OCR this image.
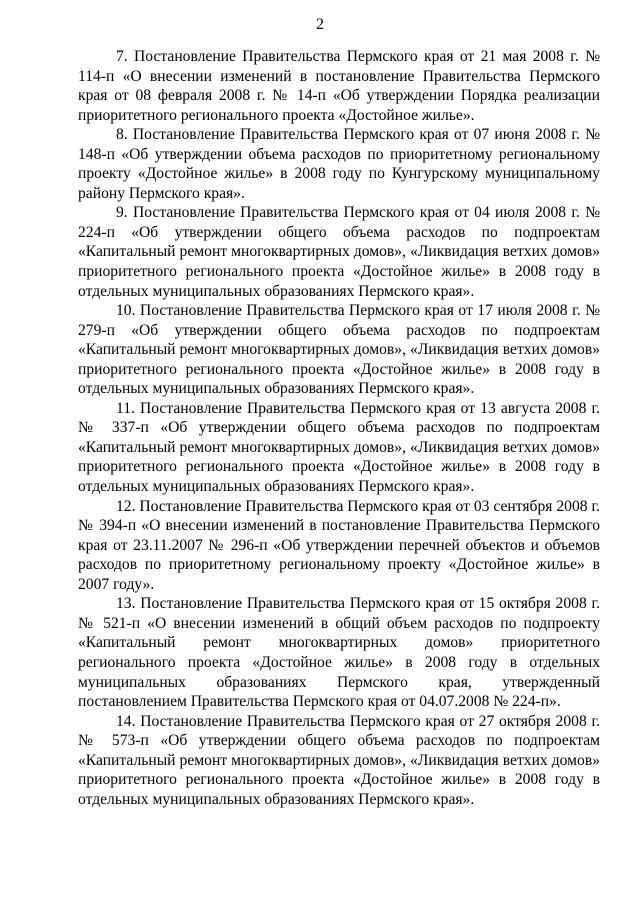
2

7. Постановление Правительства Пермского края от 21 мая 2008 г. № 114-п «О внесении изменений в постановление Правительства Пермского края от 08 февраля 2008 г. № 14-п «Об утверждении Порядка реализации приоритетного регионального проекта «Достойное жилье».

8. Постановление Правительства Пермского края от 07 июня 2008 г. № 148-п «Об утверждении объема расходов по приоритетному региональному проекту «Достойное жилье» в 2008 году по Кунгурскому муниципальному району Пермского края».

9. Постановление Правительства Пермского края от 04 июля 2008 г. № 224-п «Об утверждении общего объема расходов по подпроектам «Капитальный ремонт многоквартирных домов», «Ликвидация ветхих домов» приоритетного регионального проекта «Достойное жилье» в 2008 году в отдельных муниципальных образованиях Пермского края».

10. Постановление Правительства Пермского края от 17 июля 2008 г. № 279-п «Об утверждении общего объема расходов по подпроектам «Капитальный ремонт многоквартирных домов», «Ликвидация ветхих домов» приоритетного регионального проекта «Достойное жилье» в 2008 году в отдельных муниципальных образованиях Пермского края».

11. Постановление Правительства Пермского края от 13 августа 2008 г. № 337-п «Об утверждении общего объема расходов по подпроектам «Капитальный ремонт многоквартирных домов», «Ликвидация ветхих домов» приоритетного регионального проекта «Достойное жилье» в 2008 году в отдельных муниципальных образованиях Пермского края».

12. Постановление Правительства Пермского края от 03 сентября 2008 г. № 394-п «О внесении изменений в постановление Правительства Пермского края от 23.11.2007 № 296-п «Об утверждении перечней объектов и объемов расходов по приоритетному региональному проекту «Достойное жилье» в 2007 году».

13. Постановление Правительства Пермского края от 15 октября 2008 г. № 521-п «О внесении изменений в общий объем расходов по подпроекту «Капитальный ремонт многоквартирных домов» приоритетного регионального проекта «Достойное жилье» в 2008 году в отдельных муниципальных образованиях Пермского края, утвержденный постановлением Правительства Пермского края от 04.07.2008 № 224-п».

14. Постановление Правительства Пермского края от 27 октября 2008 г. № 573-п «Об утверждении общего объема расходов по подпроектам «Капитальный ремонт многоквартирных домов», «Ликвидация ветхих домов» приоритетного регионального проекта «Достойное жилье» в 2008 году в отдельных муниципальных образованиях Пермского края».
